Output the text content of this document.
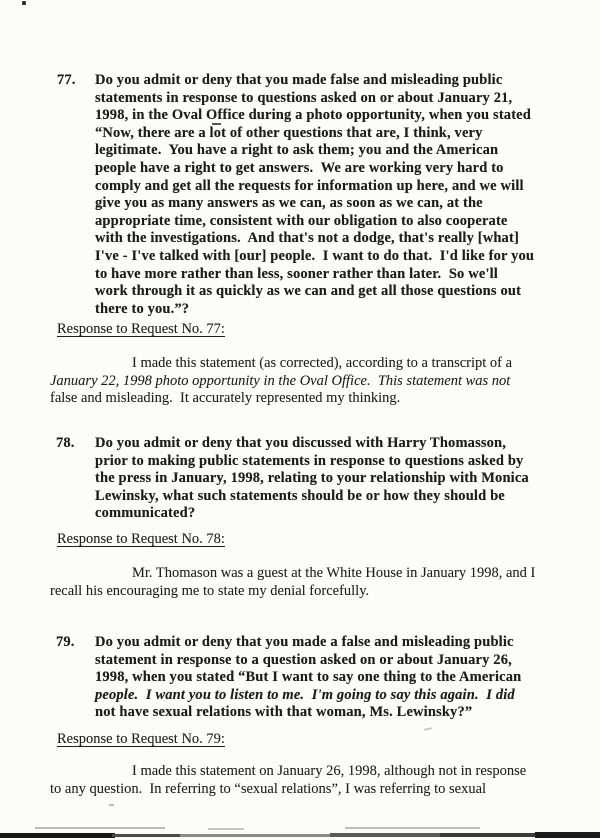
77. Do you admit or deny that you made false and misleading public
statements in response to questions asked on or about January 21,
1998, in the Oval Office during a photo opportunity, when you stated
“Now, there are a lot of other questions that are, I think, very
legitimate.  You have a right to ask them; you and the American
people have a right to get answers.  We are working very hard to
comply and get all the requests for information up here, and we will
give you as many answers as we can, as soon as we can, at the
appropriate time, consistent with our obligation to also cooperate
with the investigations.  And that's not a dodge, that's really [what]
I've - I've talked with [our] people.  I want to do that.  I'd like for you
to have more rather than less, sooner rather than later.  So we'll
work through it as quickly as we can and get all those questions out
there to you.”?
Response to Request No. 77:
I made this statement (as corrected), according to a transcript of a
January 22, 1998 photo opportunity in the Oval Office.  This statement was not
false and misleading.  It accurately represented my thinking.
78. Do you admit or deny that you discussed with Harry Thomasson,
prior to making public statements in response to questions asked by
the press in January, 1998, relating to your relationship with Monica
Lewinsky, what such statements should be or how they should be
communicated?
Response to Request No. 78:
Mr. Thomason was a guest at the White House in January 1998, and I
recall his encouraging me to state my denial forcefully.
79. Do you admit or deny that you made a false and misleading public
statement in response to a question asked on or about January 26,
1998, when you stated “But I want to say one thing to the American
people.  I want you to listen to me.  I'm going to say this again.  I did
not have sexual relations with that woman, Ms. Lewinsky?”
Response to Request No. 79:
I made this statement on January 26, 1998, although not in response
to any question.  In referring to “sexual relations”, I was referring to sexual
